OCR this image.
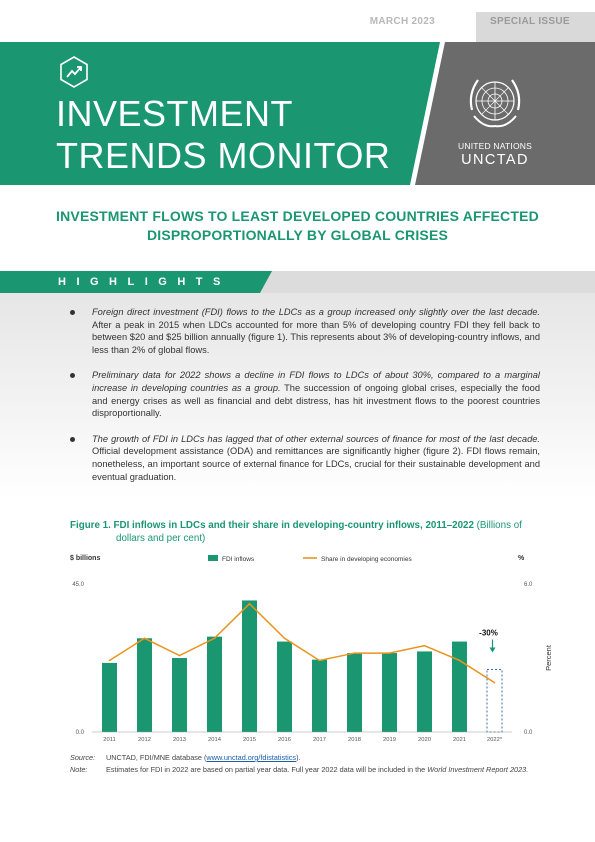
MARCH 2023	SPECIAL ISSUE
INVESTMENT
TRENDS MONITOR	UNITED NATIONS
UNCTAD
INVESTMENT FLOWS TO LEAST DEVELOPED COUNTRIES AFFECTED
DISPROPORTIONALLY BY GLOBAL CRISES
HIGHLIGHTS
Foreign direct investment (FDI) flows to the LDCs as a group increased only slightly over the last decade. After a peak in 2015 when LDCs accounted for more than 5% of developing country FDI they fell back to between $20 and $25 billion annually (figure 1). This represents about 3% of developing-country inflows, and less than 2% of global flows.
Preliminary data for 2022 shows a decline in FDI flows to LDCs of about 30%, compared to a marginal increase in developing countries as a group. The succession of ongoing global crises, especially the food and energy crises as well as financial and debt distress, has hit investment flows to the poorest countries disproportionally.
The growth of FDI in LDCs has lagged that of other external sources of finance for most of the last decade. Official development assistance (ODA) and remittances are significantly higher (figure 2). FDI flows remain, nonetheless, an important source of external finance for LDCs, crucial for their sustainable development and eventual graduation.
Figure 1. FDI inflows in LDCs and their share in developing-country inflows, 2011–2022 (Billions of
dollars and per cent)
$ billions	%
Percent
FDI inflows	Share in developing economies
45.0
0.0
6.0
0.0
2011	2012	2013	2014	2015	2016	2017	2018	2019	2020	2021	2022*
-30%
Source: UNCTAD, FDI/MNE database (www.unctad.org/fdistatistics).
Note:	Estimates for FDI in 2022 are based on partial year data. Full year 2022 data will be included in the World Investment Report 2023.
